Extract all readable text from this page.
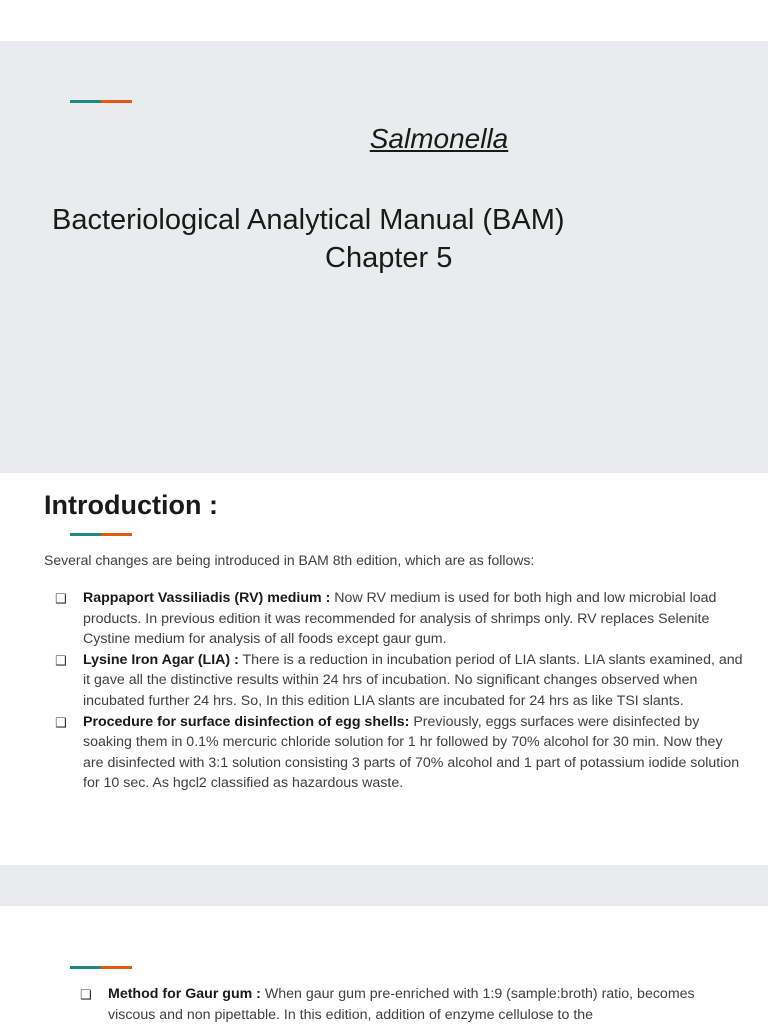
Salmonella
Bacteriological Analytical Manual (BAM)
Chapter 5
Introduction :
Several changes are being introduced in BAM 8th edition, which are as follows:
❑	Rappaport Vassiliadis (RV) medium : Now RV medium is used for both high and low microbial load products. In previous edition it was recommended for analysis of shrimps only. RV replaces Selenite Cystine medium for analysis of all foods except gaur gum.
❑	Lysine Iron Agar (LIA) : There is a reduction in incubation period of LIA slants. LIA slants examined, and it gave all the distinctive results within 24 hrs of incubation. No significant changes observed when incubated further 24 hrs. So, In this edition LIA slants are incubated for 24 hrs as like TSI slants.
❑	Procedure for surface disinfection of egg shells: Previously, eggs surfaces were disinfected by soaking them in 0.1% mercuric chloride solution for 1 hr followed by 70% alcohol for 30 min. Now they are disinfected with 3:1 solution consisting 3 parts of 70% alcohol and 1 part of potassium iodide solution for 10 sec. As hgcl2 classified as hazardous waste.
❑	Method for Gaur gum : When gaur gum pre-enriched with 1:9 (sample:broth) ratio, becomes viscous and non pipettable. In this edition, addition of enzyme cellulose to the
